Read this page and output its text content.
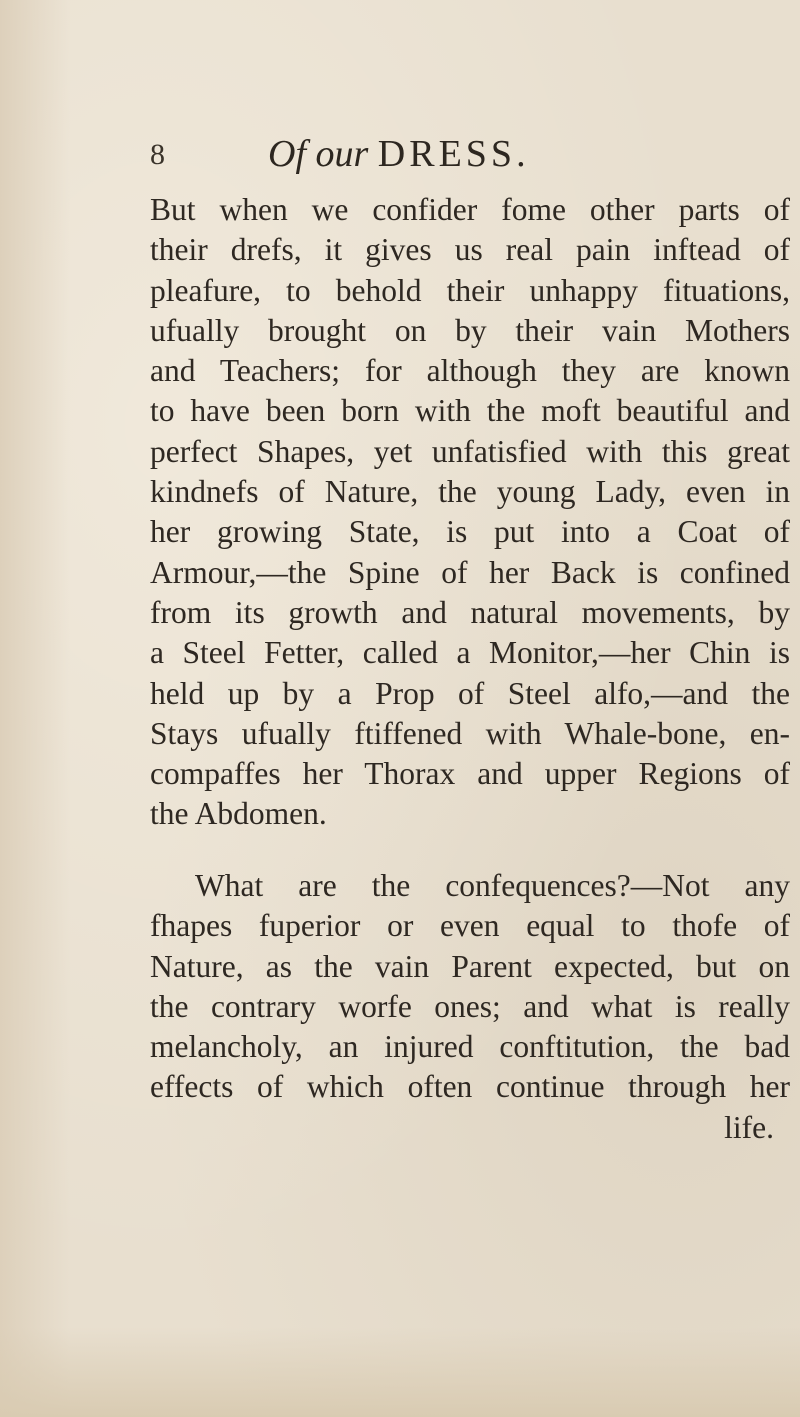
8	Of our DRESS.
But when we confider fome other parts of
their drefs, it gives us real pain inftead of
pleafure, to behold their unhappy fituations,
ufually brought on by their vain Mothers
and Teachers; for although they are known
to have been born with the moft beautiful and
perfect Shapes, yet unfatisfied with this great
kindnefs of Nature, the young Lady, even in
her growing State, is put into a Coat of
Armour,—the Spine of her Back is confined
from its growth and natural movements, by
a Steel Fetter, called a Monitor,—her Chin is
held up by a Prop of Steel alfo,—and the
Stays ufually ftiffened with Whale-bone, en-
compaffes her Thorax and upper Regions of
the Abdomen.
What are the confequences?—Not any
fhapes fuperior or even equal to thofe of
Nature, as the vain Parent expected, but on
the contrary worfe ones; and what is really
melancholy, an injured conftitution, the bad
effects of which often continue through her
life.
